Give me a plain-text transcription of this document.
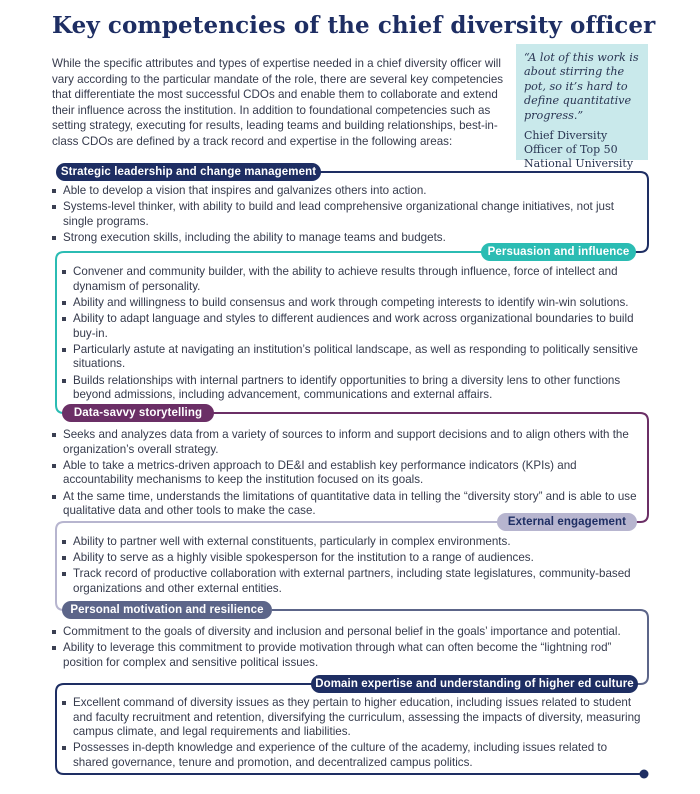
Key competencies of the chief diversity officer

While the specific attributes and types of expertise needed in a chief diversity officer will vary according to the particular mandate of the role, there are several key competencies that differentiate the most successful CDOs and enable them to collaborate and extend their influence across the institution. In addition to foundational competencies such as setting strategy, executing for results, leading teams and building relationships, best-in-class CDOs are defined by a track record and expertise in the following areas:

“A lot of this work is about stirring the pot, so it’s hard to define quantitative progress.”

Chief Diversity Officer of Top 50 National University

Strategic leadership and change management
Able to develop a vision that inspires and galvanizes others into action.
Systems-level thinker, with ability to build and lead comprehensive organizational change initiatives, not just single programs.
Strong execution skills, including the ability to manage teams and budgets.
Persuasion and influence
Convener and community builder, with the ability to achieve results through influence, force of intellect and dynamism of personality.
Ability and willingness to build consensus and work through competing interests to identify win-win solutions.
Ability to adapt language and styles to different audiences and work across organizational boundaries to build buy-in.
Particularly astute at navigating an institution’s political landscape, as well as responding to politically sensitive situations.
Builds relationships with internal partners to identify opportunities to bring a diversity lens to other functions beyond admissions, including advancement, communications and external affairs.
Data-savvy storytelling
Seeks and analyzes data from a variety of sources to inform and support decisions and to align others with the organization’s overall strategy.
Able to take a metrics-driven approach to DE&I and establish key performance indicators (KPIs) and accountability mechanisms to keep the institution focused on its goals.
At the same time, understands the limitations of quantitative data in telling the “diversity story” and is able to use qualitative data and other tools to make the case.
External engagement
Ability to partner well with external constituents, particularly in complex environments.
Ability to serve as a highly visible spokesperson for the institution to a range of audiences.
Track record of productive collaboration with external partners, including state legislatures, community-based organizations and other external entities.
Personal motivation and resilience
Commitment to the goals of diversity and inclusion and personal belief in the goals’ importance and potential.
Ability to leverage this commitment to provide motivation through what can often become the “lightning rod” position for complex and sensitive political issues.
Domain expertise and understanding of higher ed culture
Excellent command of diversity issues as they pertain to higher education, including issues related to student and faculty recruitment and retention, diversifying the curriculum, assessing the impacts of diversity, measuring campus climate, and legal requirements and liabilities.
Possesses in-depth knowledge and experience of the culture of the academy, including issues related to shared governance, tenure and promotion, and decentralized campus politics.
